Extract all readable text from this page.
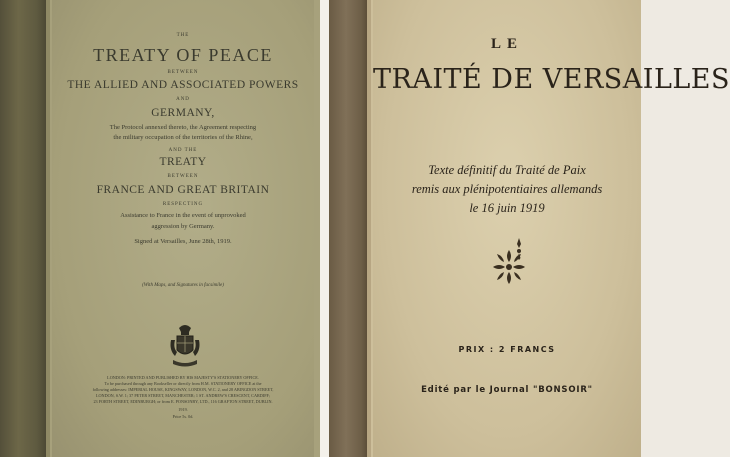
THE
TREATY OF PEACE
BETWEEN
THE ALLIED AND ASSOCIATED POWERS
AND
GERMANY,
The Protocol annexed thereto, the Agreement respecting
the military occupation of the territories of the Rhine,
AND THE
TREATY
BETWEEN
FRANCE AND GREAT BRITAIN
RESPECTING
Assistance to France in the event of unprovoked
aggression by Germany.
Signed at Versailles, June 28th, 1919.
(With Maps, and Signatures in facsimile)
LONDON: PRINTED AND PUBLISHED BY HIS MAJESTY'S STATIONERY OFFICE.
To be purchased through any Bookseller or directly from H.M. STATIONERY OFFICE at the
following addresses: IMPERIAL HOUSE, KINGSWAY, LONDON, W.C. 2, and 28 ABINGDON STREET,
LONDON, S.W. 1; 37 PETER STREET, MANCHESTER; 1 ST. ANDREW'S CRESCENT, CARDIFF;
23 FORTH STREET, EDINBURGH; or from E. PONSONBY, LTD., 116 GRAFTON STREET, DUBLIN.
1919.
Price 5s. 0d.
LE
TRAITÉ DE VERSAILLES
Texte définitif du Traité de Paix
remis aux plénipotentiaires allemands
le 16 juin 1919
PRIX : 2 FRANCS
Edité par le Journal "BONSOIR"
